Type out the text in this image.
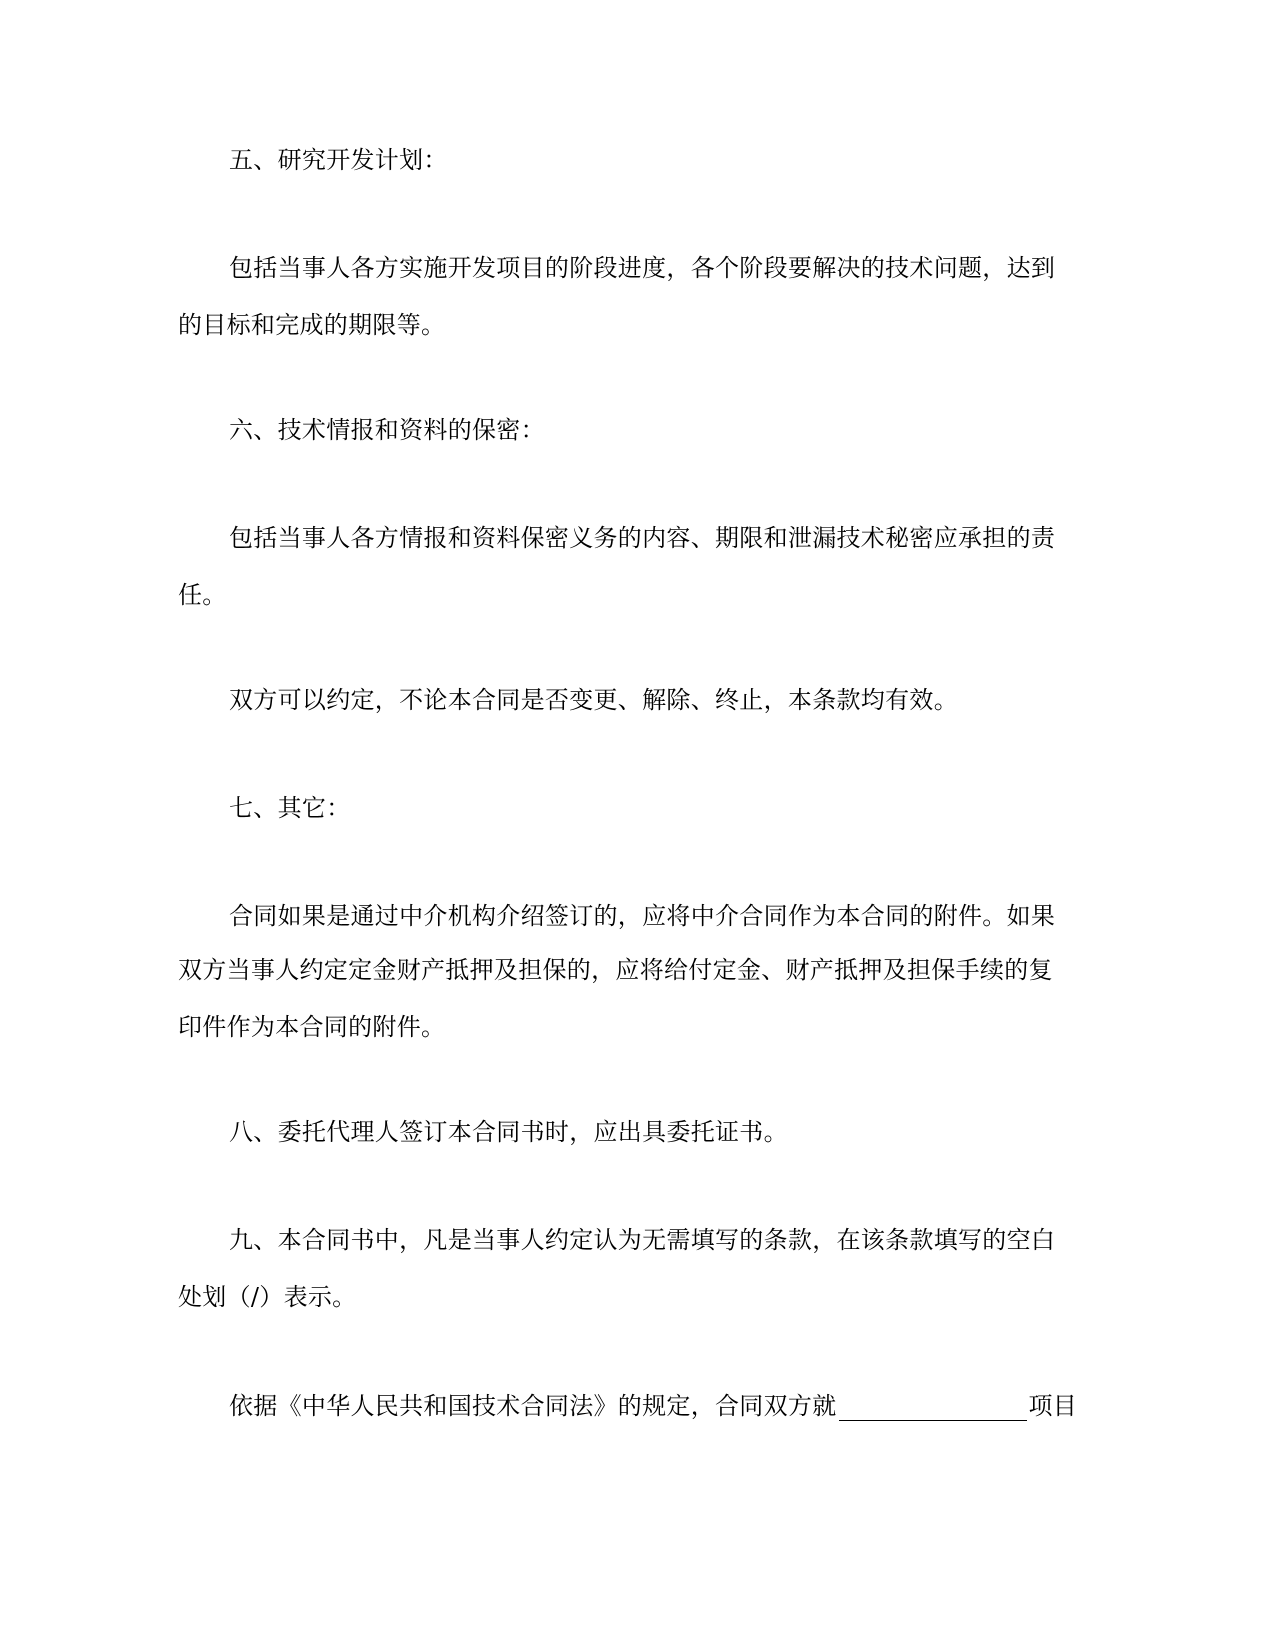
五、研究开发计划：
包括当事人各方实施开发项目的阶段进度，各个阶段要解决的技术问题，达到
的目标和完成的期限等。
六、技术情报和资料的保密：
包括当事人各方情报和资料保密义务的内容、期限和泄漏技术秘密应承担的责
任。
双方可以约定，不论本合同是否变更、解除、终止，本条款均有效。
七、其它：
合同如果是通过中介机构介绍签订的，应将中介合同作为本合同的附件。如果
双方当事人约定定金财产抵押及担保的，应将给付定金、财产抵押及担保手续的复
印件作为本合同的附件。
八、委托代理人签订本合同书时，应出具委托证书。
九、本合同书中，凡是当事人约定认为无需填写的条款，在该条款填写的空白
处划（/）表示。
依据《中华人民共和国技术合同法》的规定，合同双方就	项目
